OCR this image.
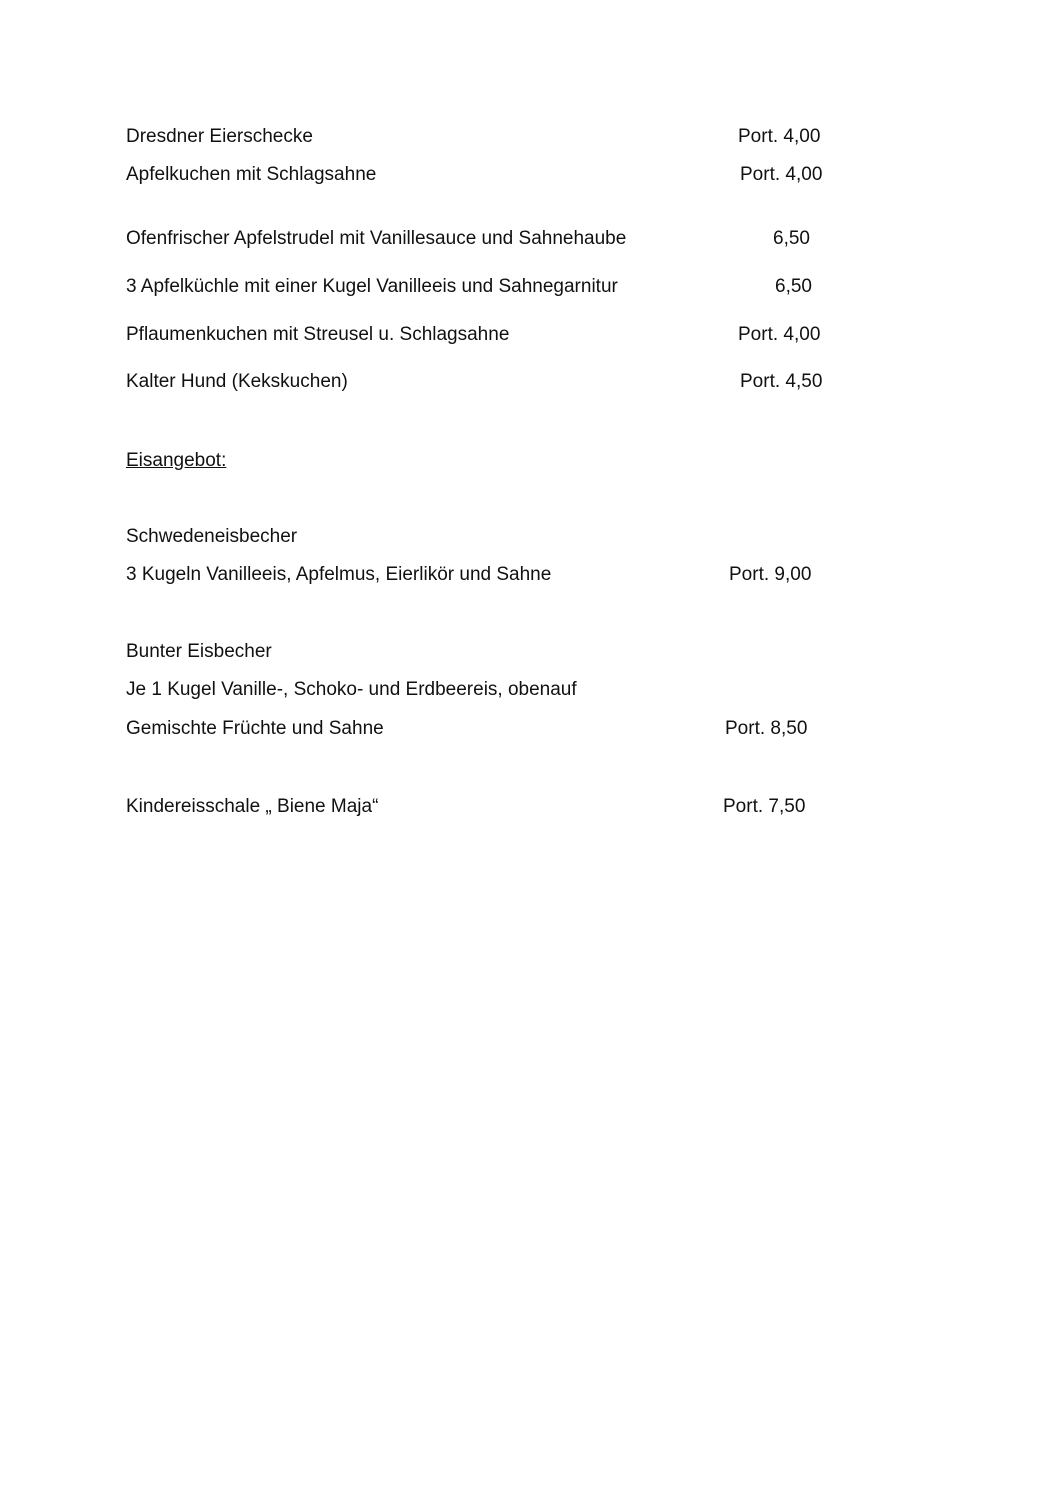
Dresdner Eierschecke	Port. 4,00
Apfelkuchen mit Schlagsahne	Port. 4,00
Ofenfrischer Apfelstrudel mit Vanillesauce und Sahnehaube	6,50
3 Apfelküchle mit einer Kugel Vanilleeis und Sahnegarnitur	6,50
Pflaumenkuchen mit Streusel u. Schlagsahne	Port. 4,00
Kalter Hund (Kekskuchen)	Port. 4,50
Eisangebot:
Schwedeneisbecher
3 Kugeln Vanilleeis, Apfelmus, Eierlikör und Sahne	Port. 9,00
Bunter Eisbecher
Je 1 Kugel Vanille-, Schoko- und Erdbeereis, obenauf
Gemischte Früchte und Sahne	Port. 8,50
Kindereisschale „ Biene Maja“	Port. 7,50
